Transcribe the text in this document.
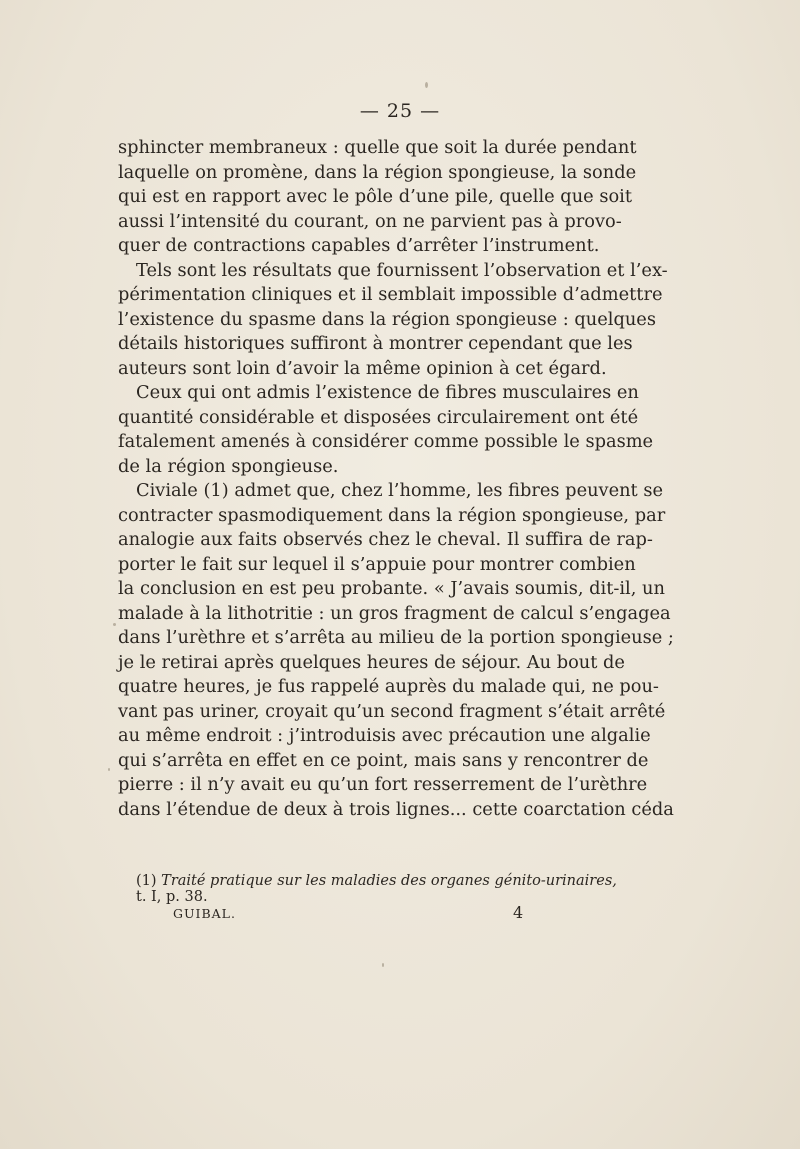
— 25 —
sphincter membraneux : quelle que soit la durée pendant
laquelle on promène, dans la région spongieuse, la sonde
qui est en rapport avec le pôle d’une pile, quelle que soit
aussi l’intensité du courant, on ne parvient pas à provo-
quer de contractions capables d’arrêter l’instrument.
Tels sont les résultats que fournissent l’observation et l’ex-
périmentation cliniques et il semblait impossible d’admettre
l’existence du spasme dans la région spongieuse : quelques
détails historiques suffiront à montrer cependant que les
auteurs sont loin d’avoir la même opinion à cet égard.
Ceux qui ont admis l’existence de fibres musculaires en
quantité considérable et disposées circulairement ont été
fatalement amenés à considérer comme possible le spasme
de la région spongieuse.
Civiale (1) admet que, chez l’homme, les fibres peuvent se
contracter spasmodiquement dans la région spongieuse, par
analogie aux faits observés chez le cheval. Il suffira de rap-
porter le fait sur lequel il s’appuie pour montrer combien
la conclusion en est peu probante. « J’avais soumis, dit-il, un
malade à la lithotritie : un gros fragment de calcul s’engagea
dans l’urèthre et s’arrêta au milieu de la portion spongieuse ;
je le retirai après quelques heures de séjour. Au bout de
quatre heures, je fus rappelé auprès du malade qui, ne pou-
vant pas uriner, croyait qu’un second fragment s’était arrêté
au même endroit : j’introduisis avec précaution une algalie
qui s’arrêta en effet en ce point, mais sans y rencontrer de
pierre : il n’y avait eu qu’un fort resserrement de l’urèthre
dans l’étendue de deux à trois lignes... cette coarctation céda
(1) Traité pratique sur les maladies des organes génito-urinaires,
t. I, p. 38.
GUIBAL.	4
